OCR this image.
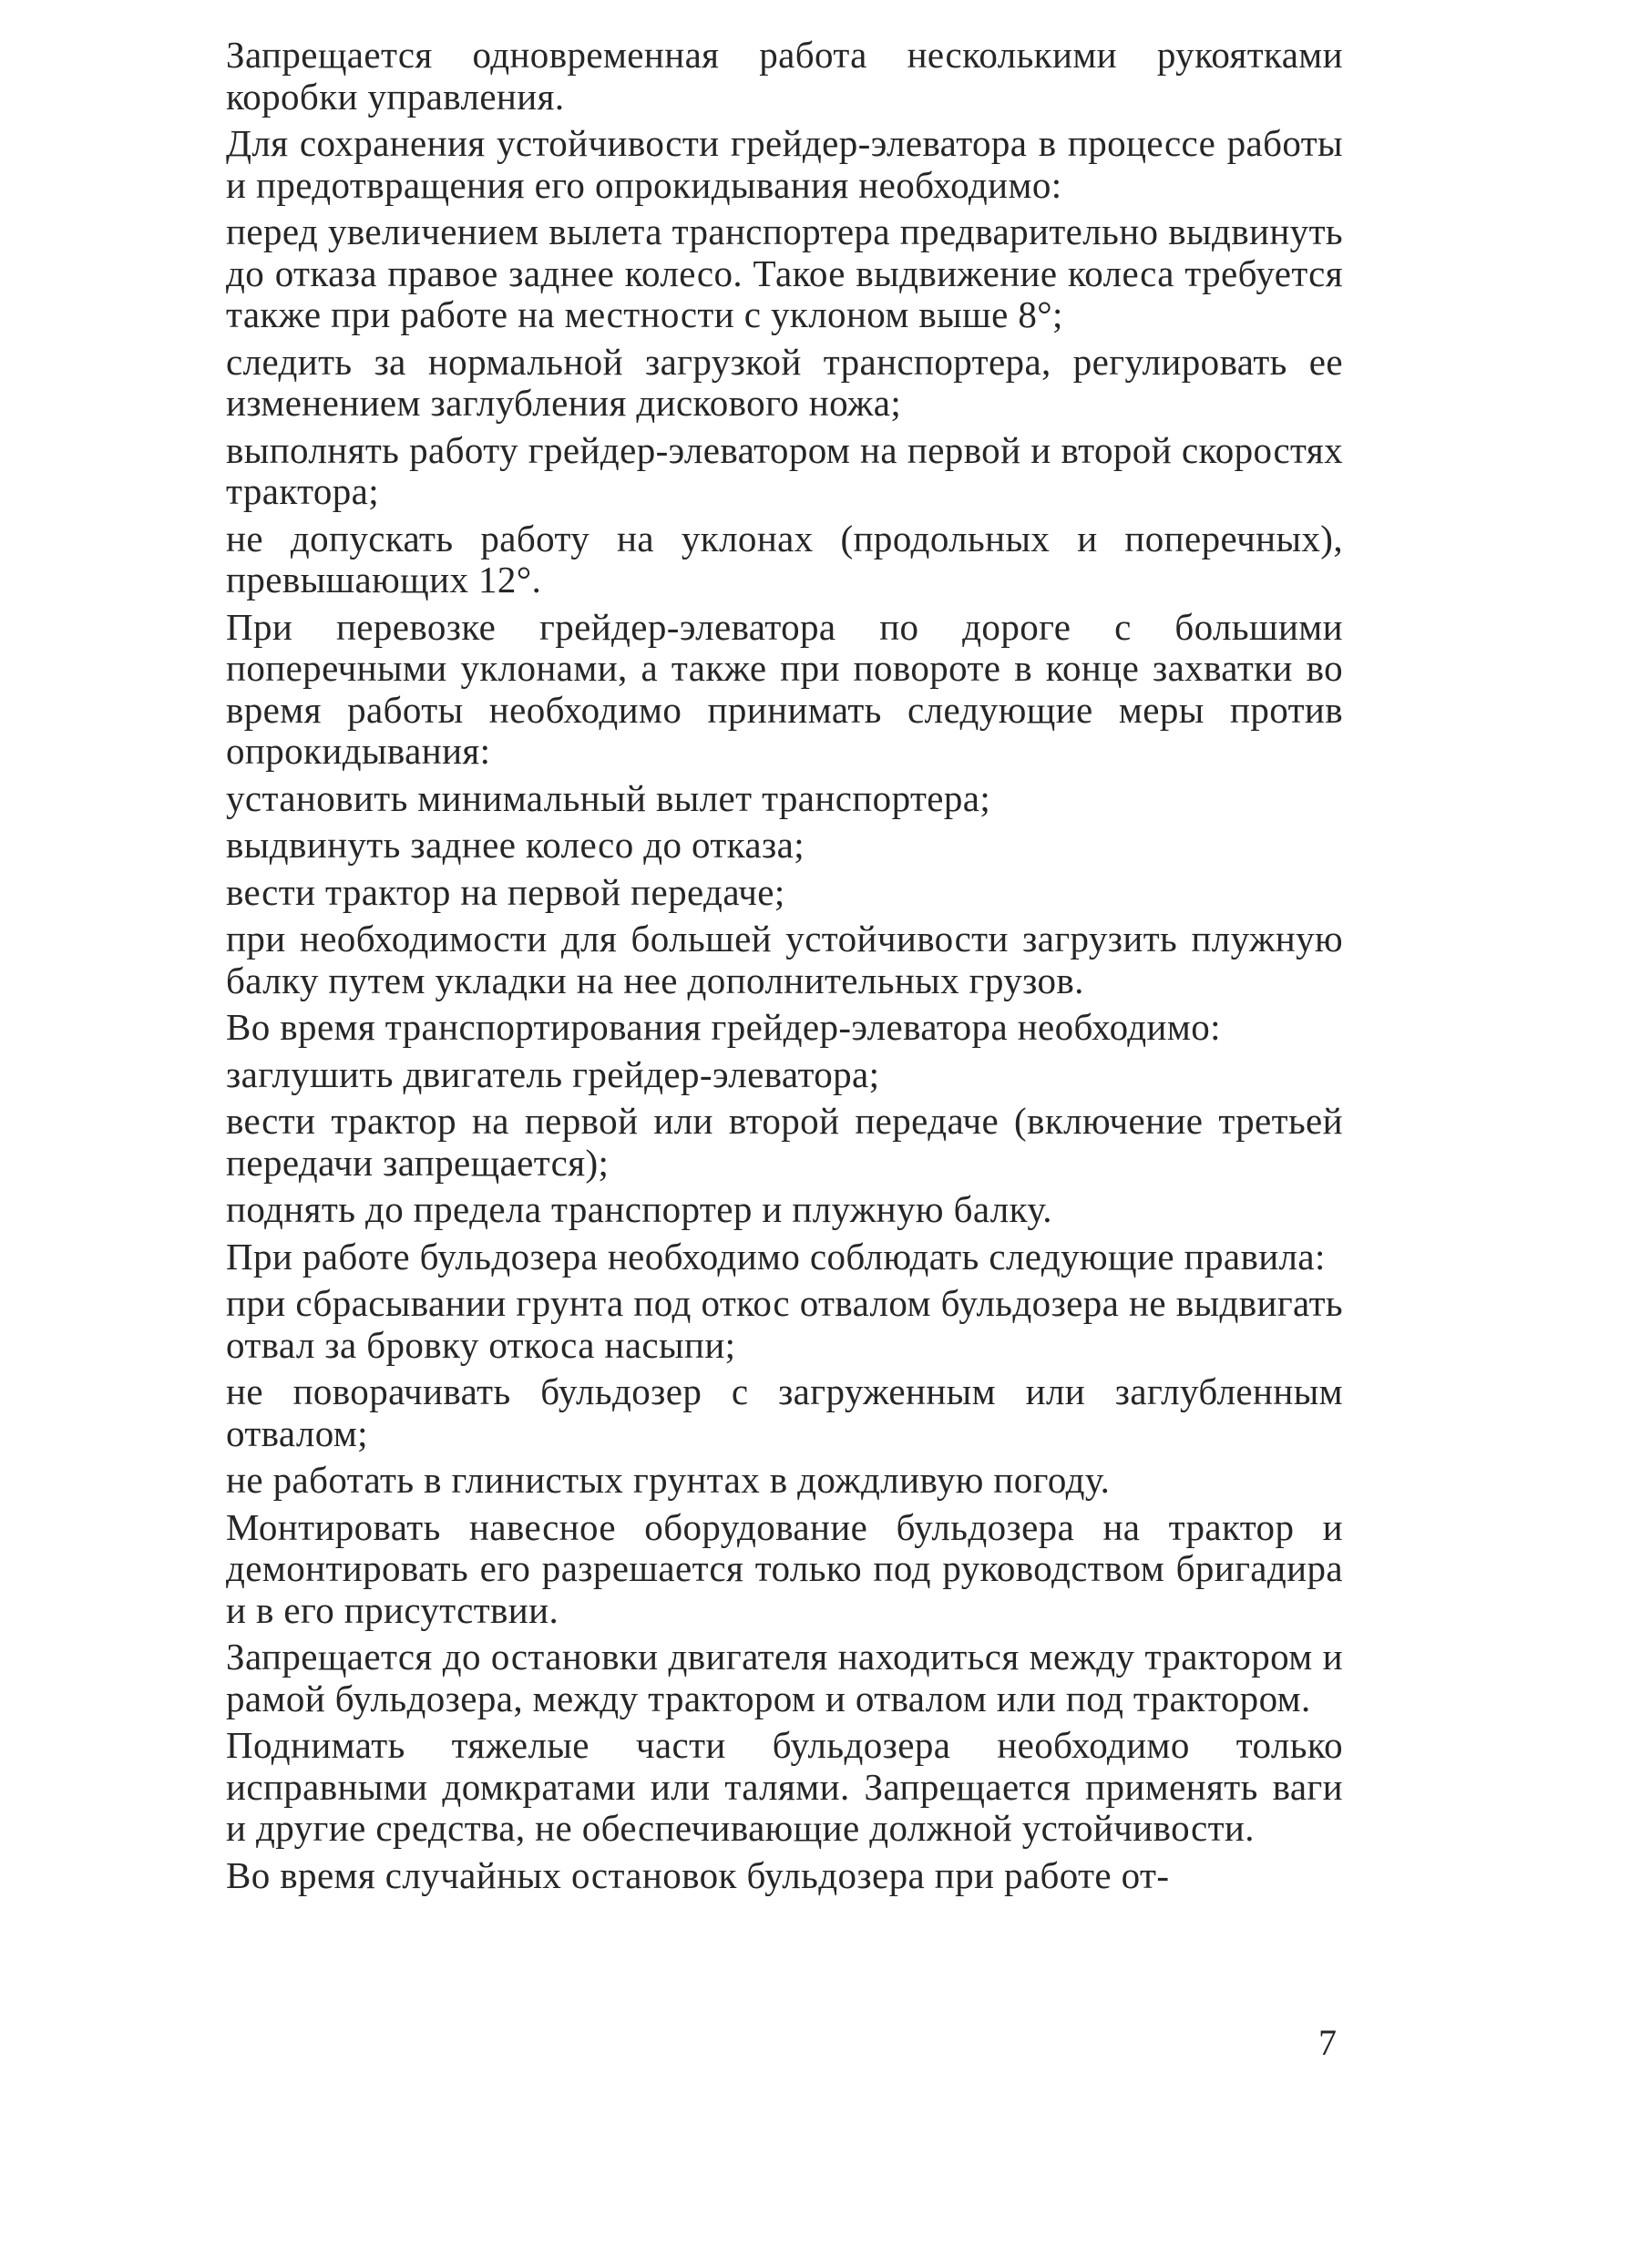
Запрещается одновременная работа несколькими рукоятками коробки управления.

Для сохранения устойчивости грейдер-элеватора в процессе работы и предотвращения его опрокидывания необходимо:

перед увеличением вылета транспортера предварительно выдвинуть до отказа правое заднее колесо. Такое выдвижение колеса требуется также при работе на местности с уклоном выше 8°;

следить за нормальной загрузкой транспортера, регулировать ее изменением заглубления дискового ножа;

выполнять работу грейдер-элеватором на первой и второй скоростях трактора;

не допускать работу на уклонах (продольных и поперечных), превышающих 12°.

При перевозке грейдер-элеватора по дороге с большими поперечными уклонами, а также при повороте в конце захватки во время работы необходимо принимать следующие меры против опрокидывания:

установить минимальный вылет транспортера;

выдвинуть заднее колесо до отказа;

вести трактор на первой передаче;

при необходимости для большей устойчивости загрузить плужную балку путем укладки на нее дополнительных грузов.

Во время транспортирования грейдер-элеватора необходимо:

заглушить двигатель грейдер-элеватора;

вести трактор на первой или второй передаче (включение третьей передачи запрещается);

поднять до предела транспортер и плужную балку.

При работе бульдозера необходимо соблюдать следующие правила:

при сбрасывании грунта под откос отвалом бульдозера не выдвигать отвал за бровку откоса насыпи;

не поворачивать бульдозер с загруженным или заглубленным отвалом;

не работать в глинистых грунтах в дождливую погоду.

Монтировать навесное оборудование бульдозера на трактор и демонтировать его разрешается только под руководством бригадира и в его присутствии.

Запрещается до остановки двигателя находиться между трактором и рамой бульдозера, между трактором и отвалом или под трактором.

Поднимать тяжелые части бульдозера необходимо только исправными домкратами или талями. Запрещается применять ваги и другие средства, не обеспечивающие должной устойчивости.

Во время случайных остановок бульдозера при работе от-

7
